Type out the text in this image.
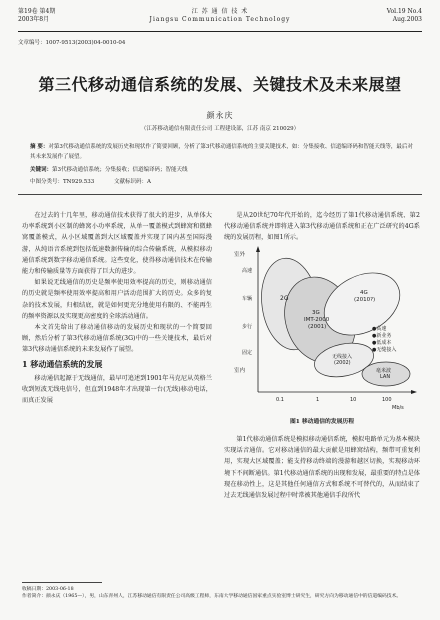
第19卷 第4期
2003年8月
江 苏 通 信 技 术
Jiangsu Communication Technology
Vol.19 No.4
Aug.2003
文章编号：1007-9513(2003)04-0010-04
第三代移动通信系统的发展、关键技术及未来展望
颜永庆
（江苏移动通信有限责任公司 工程建设部，江苏 南京 210029）
摘 要：对第3代移动通信系统的发展历史和现状作了简要回顾，分析了第3代移动通信系统的主要关键技术，如：分集接收、信道编译码和智能天线等，最后对其未来发展作了展望。
关键词：第3代移动通信系统；分集接收；信道编译码；智能天线
中图分类号：TN929.533	文献标识码：A

在过去的十几年里，移动通信技术获得了很大的进步，从单体大功率系统到小区制的蜂窝小功率系统，从单一覆盖模式到蜂窝和微蜂窝覆盖模式，从小区域覆盖到大区域覆盖并实现了国内甚至国际漫游，从纯语音系统到包括低速数据传输的综合传输系统，从模拟移动通信系统到数字移动通信系统。这些变化，使得移动通信技术在传输能力和传输质量等方面获得了巨大的进步。

如果说无线通信的历史是频率使用效率提高的历史，则移动通信的历史就是频率使用效率提高和用户活动范围扩大的历史。众多的复杂的技术发展，归根结底，就是如何更充分地使用有限的、不能再生的频率资源以及实现更高密度的全球活动通信。

本文首先给出了移动通信移动的发展历史和现状的一个简要回顾，然后分析了第3代移动通信系统(3G)中的一些关键技术，最后对第3代移动通信系统的未来发展作了展望。

1 移动通信系统的发展

移动通信起源于无线通信，最早可追述到1901年马克尼从英格兰收到短波无线电信号，但直到1948年才出现第一台(无线)移动电话，而真正发展

是从20世纪70年代开始的，迄今经历了第1代移动通信系统、第2代移动通信系统并即将进入第3代移动通信系统和正在广泛研究的4G系统的发展历程，如图1所示。

室外
室内
高速
车辆
步行
固定
0.1	1	10	100
Mb/s
2G
3G IMT-2000 (2001)
4G (2010?)
无线接入 (2002)
毫米波 LAN
●高速
●新业务
●低成本
●无缝接入
图1 移动通信的发展历程

第1代移动通信系统是模拟移动通信系统，模拟电路单元为基本模块实现话音通信。它对移动通信的最大贡献是用蜂窝结构，频带可重复利用，实现大区域覆盖；能支持移动终端的漫游和越区切换，实现移动环境下不间断通信。第1代移动通信系统的出现和发展，最重要的特点是体现在移动性上，这是其他任何通信方式和系统不可替代的，从而结束了过去无线通信发展过程中时常被其他通信手段所代

收稿日期：2003-06-18
作者简介：颜永庆（1965—），男，山东青州人，江苏移动通信有限责任公司高级工程师，东南大学移动通信国家重点实验室博士研究生，研究方向为移动通信中的信道编码技术。
